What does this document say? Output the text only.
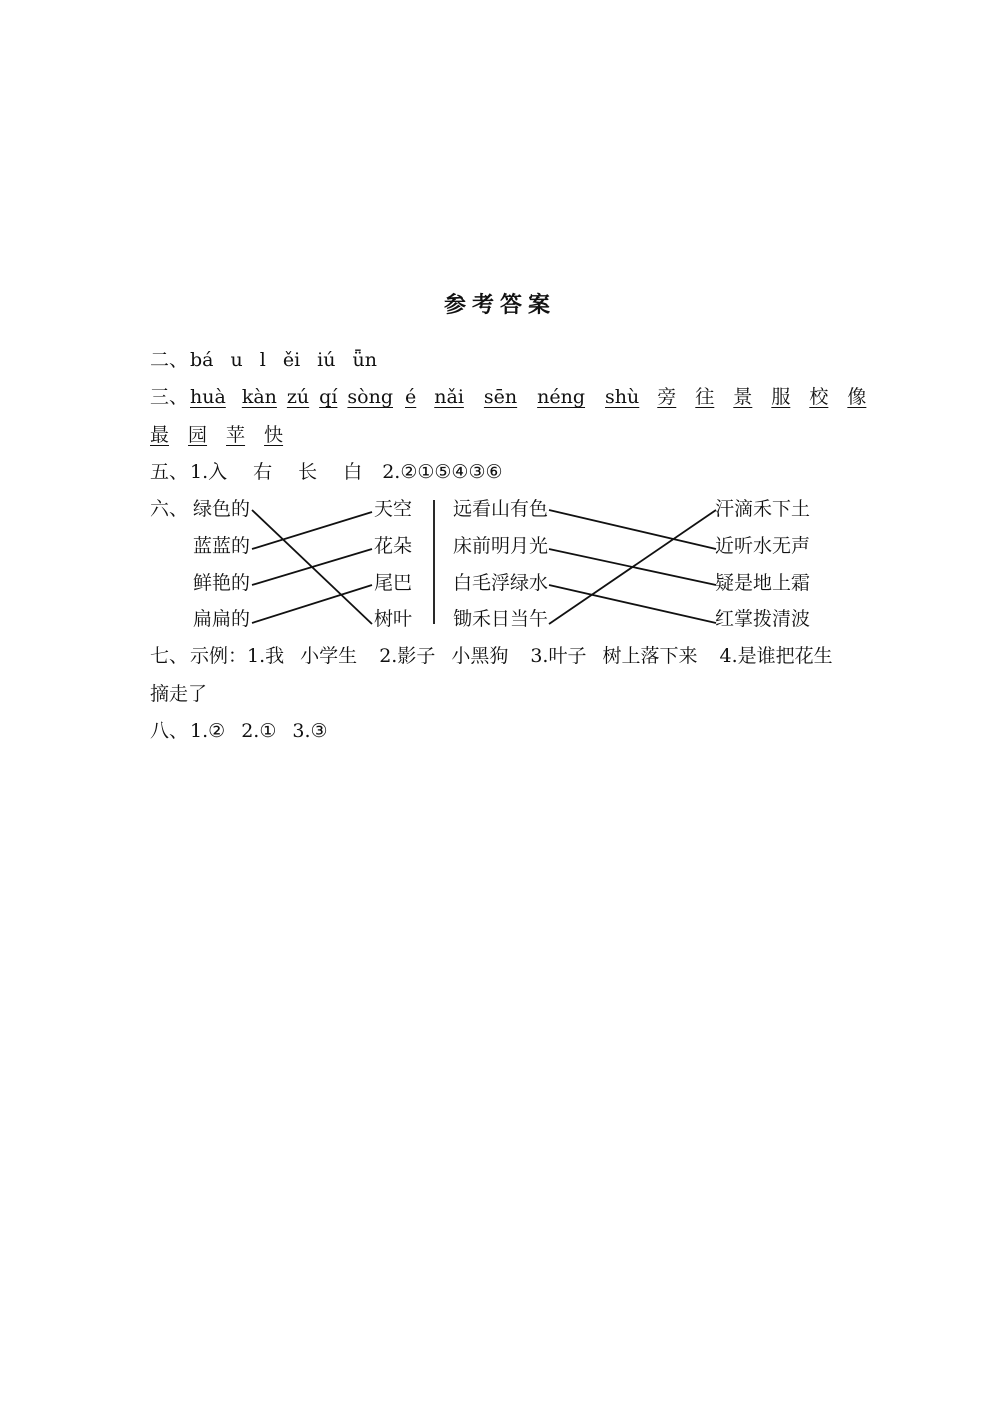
参考答案
二、 bá u l ěi iú ǖn
三、 huà kàn zú qí sòng é nǎi sēn néng shù 旁 往 景 服 校 像
最 园 苹 快
五、 1.入 右 长 白 2.②①⑤④③⑥
六、 绿色的
蓝蓝的
鲜艳的
扁扁的
天空
花朵
尾巴
树叶
远看山有色
床前明月光
白毛浮绿水
锄禾日当午
汗滴禾下土
近听水无声
疑是地上霜
红掌拨清波
七、 示例：1.我 小学生 2.影子 小黑狗 3.叶子 树上落下来 4.是谁把花生
摘走了
八、 1.② 2.① 3.③
